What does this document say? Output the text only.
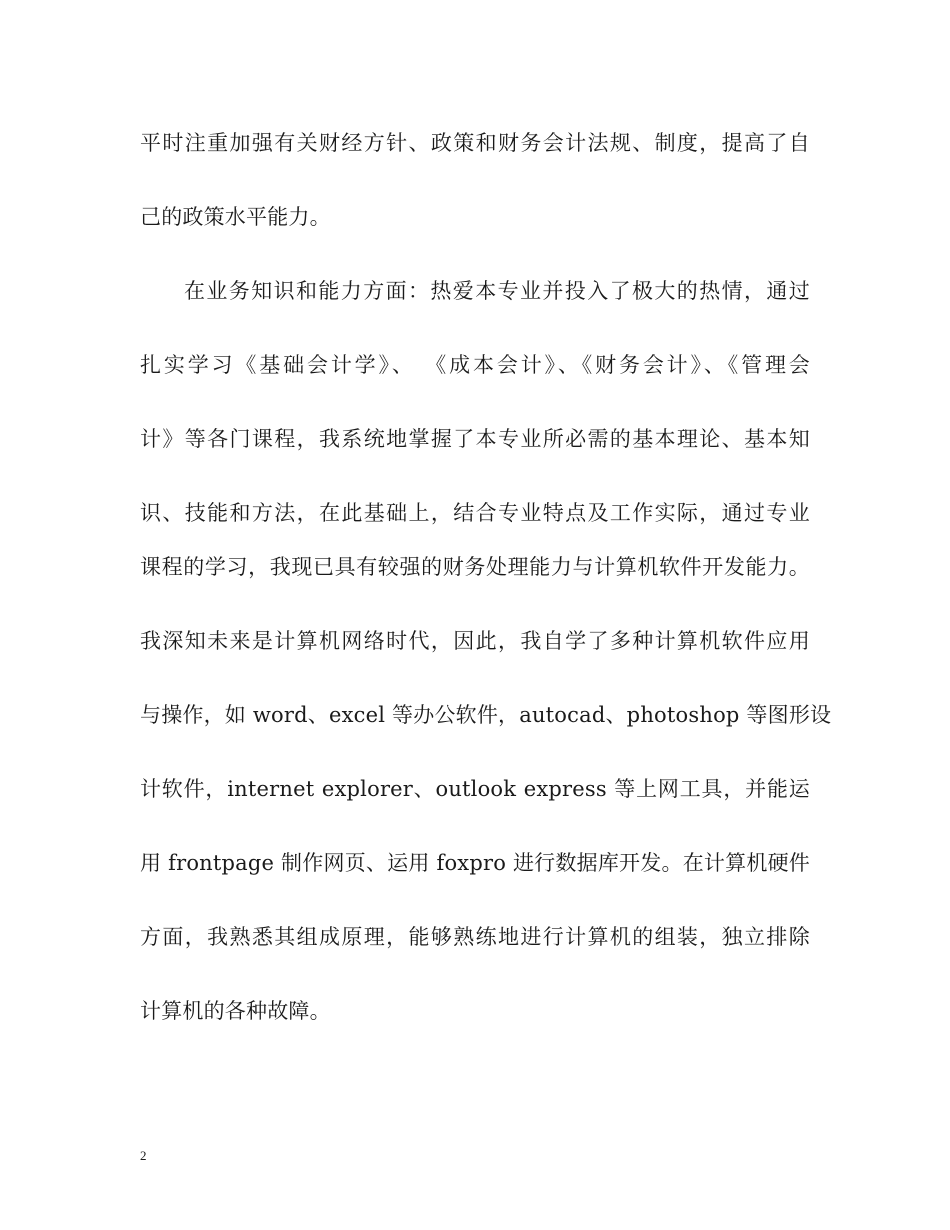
平时注重加强有关财经方针、政策和财务会计法规、制度，提高了自
己的政策水平能力。
在业务知识和能力方面：热爱本专业并投入了极大的热情，通过
扎实学习《基础会计学》、 《成本会计》、《财务会计》、《管理会
计》等各门课程，我系统地掌握了本专业所必需的基本理论、基本知
识、技能和方法，在此基础上，结合专业特点及工作实际，通过专业
课程的学习，我现已具有较强的财务处理能力与计算机软件开发能力。
我深知未来是计算机网络时代，因此，我自学了多种计算机软件应用
与操作，如 word、excel 等办公软件，autocad、photoshop 等图形设
计软件，internet explorer、outlook express 等上网工具，并能运
用 frontpage 制作网页、运用 foxpro 进行数据库开发。在计算机硬件
方面，我熟悉其组成原理，能够熟练地进行计算机的组装，独立排除
计算机的各种故障。
2
